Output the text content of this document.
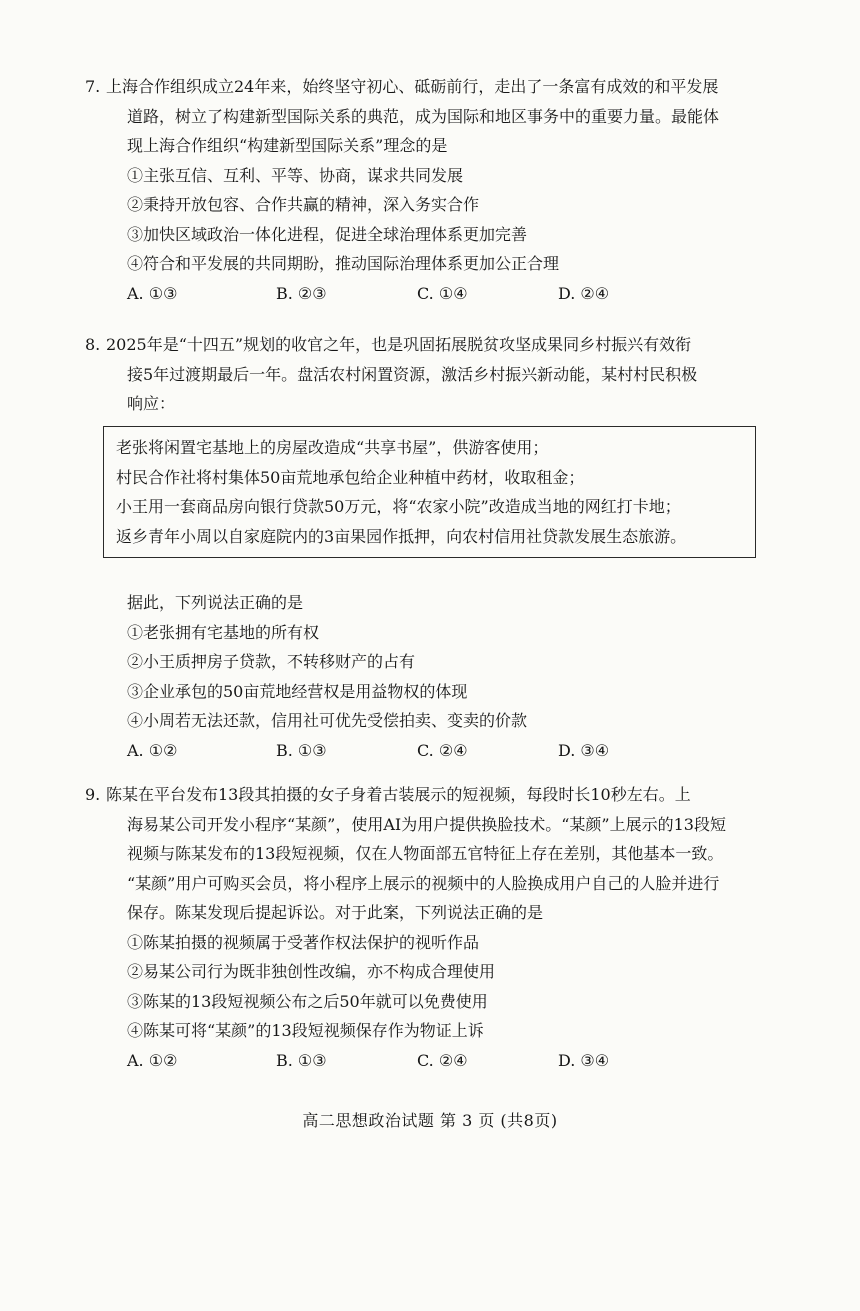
7. 上海合作组织成立24年来，始终坚守初心、砥砺前行，走出了一条富有成效的和平发展

道路，树立了构建新型国际关系的典范，成为国际和地区事务中的重要力量。最能体

现上海合作组织“构建新型国际关系”理念的是

①主张互信、互利、平等、协商，谋求共同发展

②秉持开放包容、合作共赢的精神，深入务实合作

③加快区域政治一体化进程，促进全球治理体系更加完善

④符合和平发展的共同期盼，推动国际治理体系更加公正合理

A. ①③	B. ②③	C. ①④	D. ②④

8. 2025年是“十四五”规划的收官之年，也是巩固拓展脱贫攻坚成果同乡村振兴有效衔

接5年过渡期最后一年。盘活农村闲置资源，激活乡村振兴新动能，某村村民积极

响应：

老张将闲置宅基地上的房屋改造成“共享书屋”，供游客使用；

村民合作社将村集体50亩荒地承包给企业种植中药材，收取租金；

小王用一套商品房向银行贷款50万元，将“农家小院”改造成当地的网红打卡地；

返乡青年小周以自家庭院内的3亩果园作抵押，向农村信用社贷款发展生态旅游。

据此，下列说法正确的是

①老张拥有宅基地的所有权

②小王质押房子贷款，不转移财产的占有

③企业承包的50亩荒地经营权是用益物权的体现

④小周若无法还款，信用社可优先受偿拍卖、变卖的价款

A. ①②	B. ①③	C. ②④	D. ③④

9. 陈某在平台发布13段其拍摄的女子身着古装展示的短视频，每段时长10秒左右。上

海易某公司开发小程序“某颜”，使用AI为用户提供换脸技术。“某颜”上展示的13段短

视频与陈某发布的13段短视频，仅在人物面部五官特征上存在差别，其他基本一致。

“某颜”用户可购买会员，将小程序上展示的视频中的人脸换成用户自己的人脸并进行

保存。陈某发现后提起诉讼。对于此案，下列说法正确的是

①陈某拍摄的视频属于受著作权法保护的视听作品

②易某公司行为既非独创性改编，亦不构成合理使用

③陈某的13段短视频公布之后50年就可以免费使用

④陈某可将“某颜”的13段短视频保存作为物证上诉

A. ①②	B. ①③	C. ②④	D. ③④
高二思想政治试题 第 3 页 (共8页)
